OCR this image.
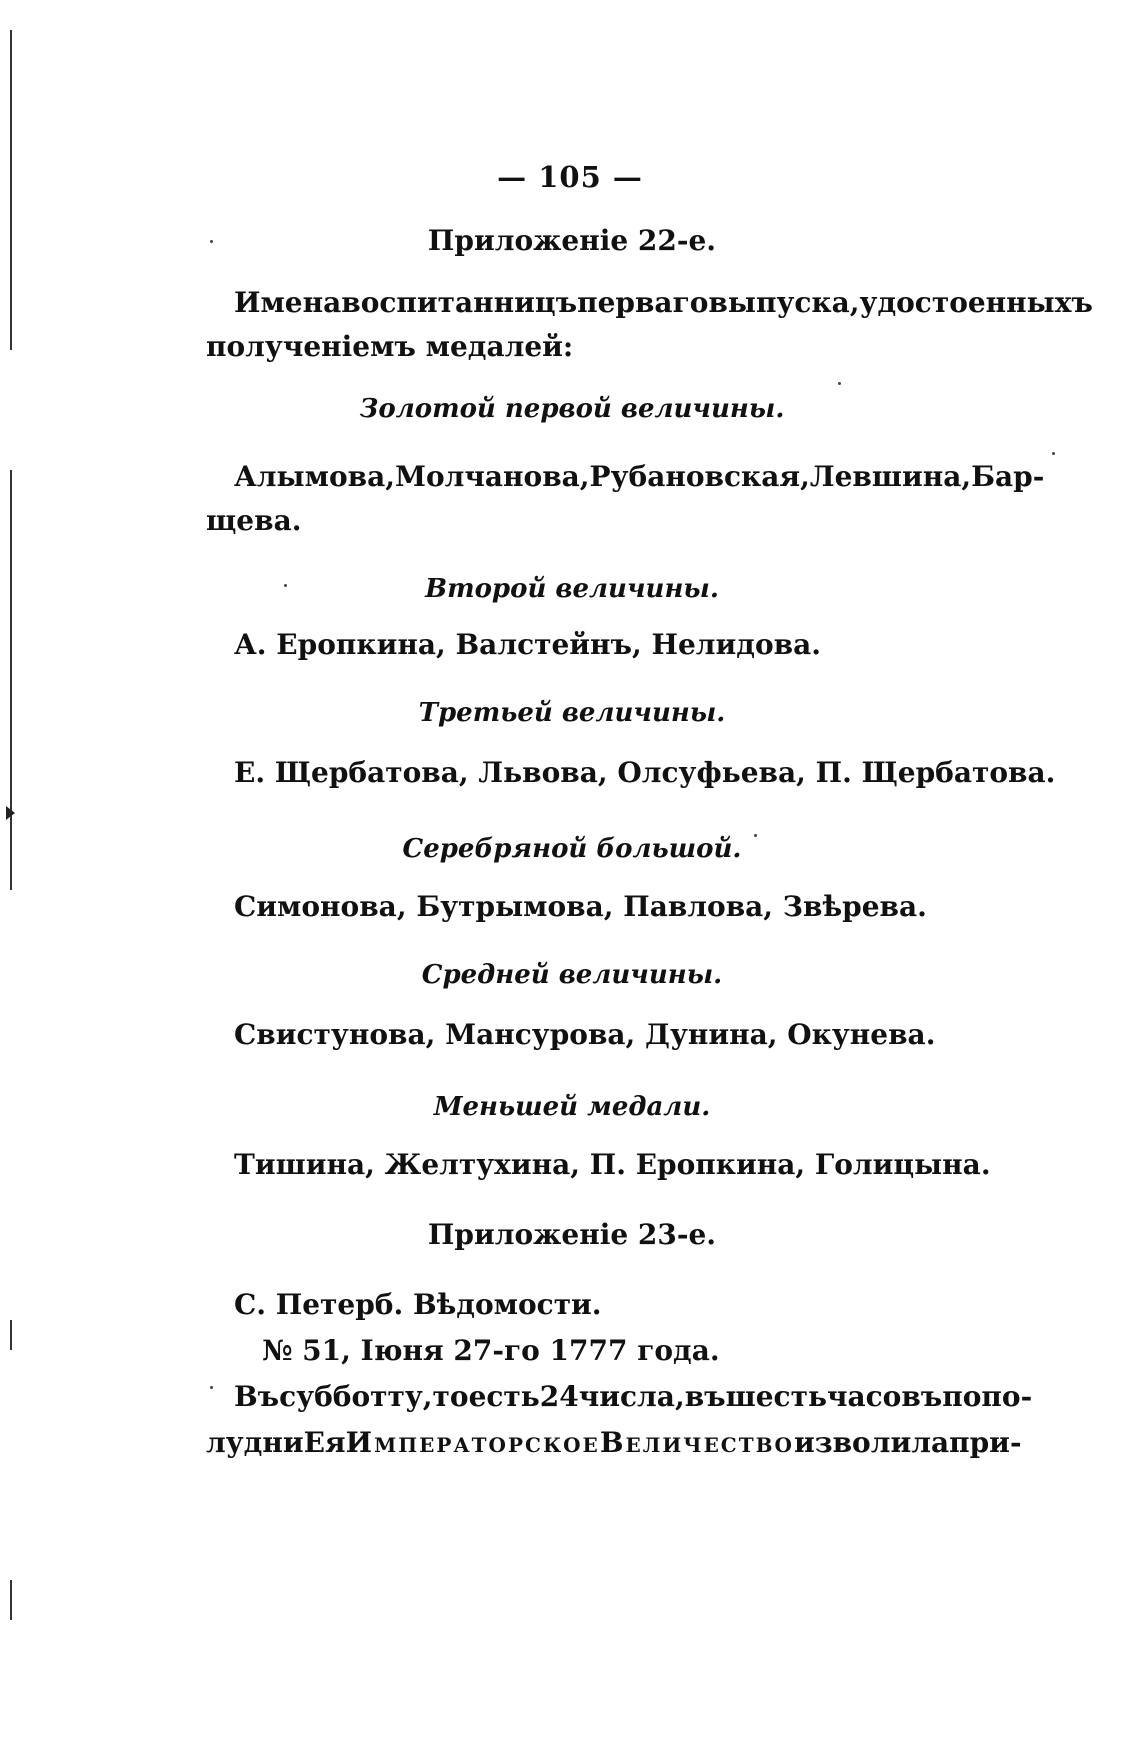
— 105 —
Приложеніе 22-е.
Имена воспитанницъ перваго выпуска, удостоенныхъ
полученіемъ медалей:
Золотой первой величины.
Алымова, Молчанова, Рубановская, Левшина, Бар-
щева.
Второй величины.
А. Еропкина, Валстейнъ, Нелидова.
Третьей величины.
Е. Щербатова, Львова, Олсуфьева, П. Щербатова.
Серебряной большой.
Симонова, Бутрымова, Павлова, Звѣрева.
Средней величины.
Свистунова, Мансурова, Дунина, Окунева.
Меньшей медали.
Тишина, Желтухина, П. Еропкина, Голицына.
Приложеніе 23-е.
С. Петерб. Вѣдомости.
№ 51, Іюня 27-го 1777 года.
Въ субботту, то есть 24 числа, въ шесть часовъ по по-
лудни Ея Императорское Величество изволила при-
